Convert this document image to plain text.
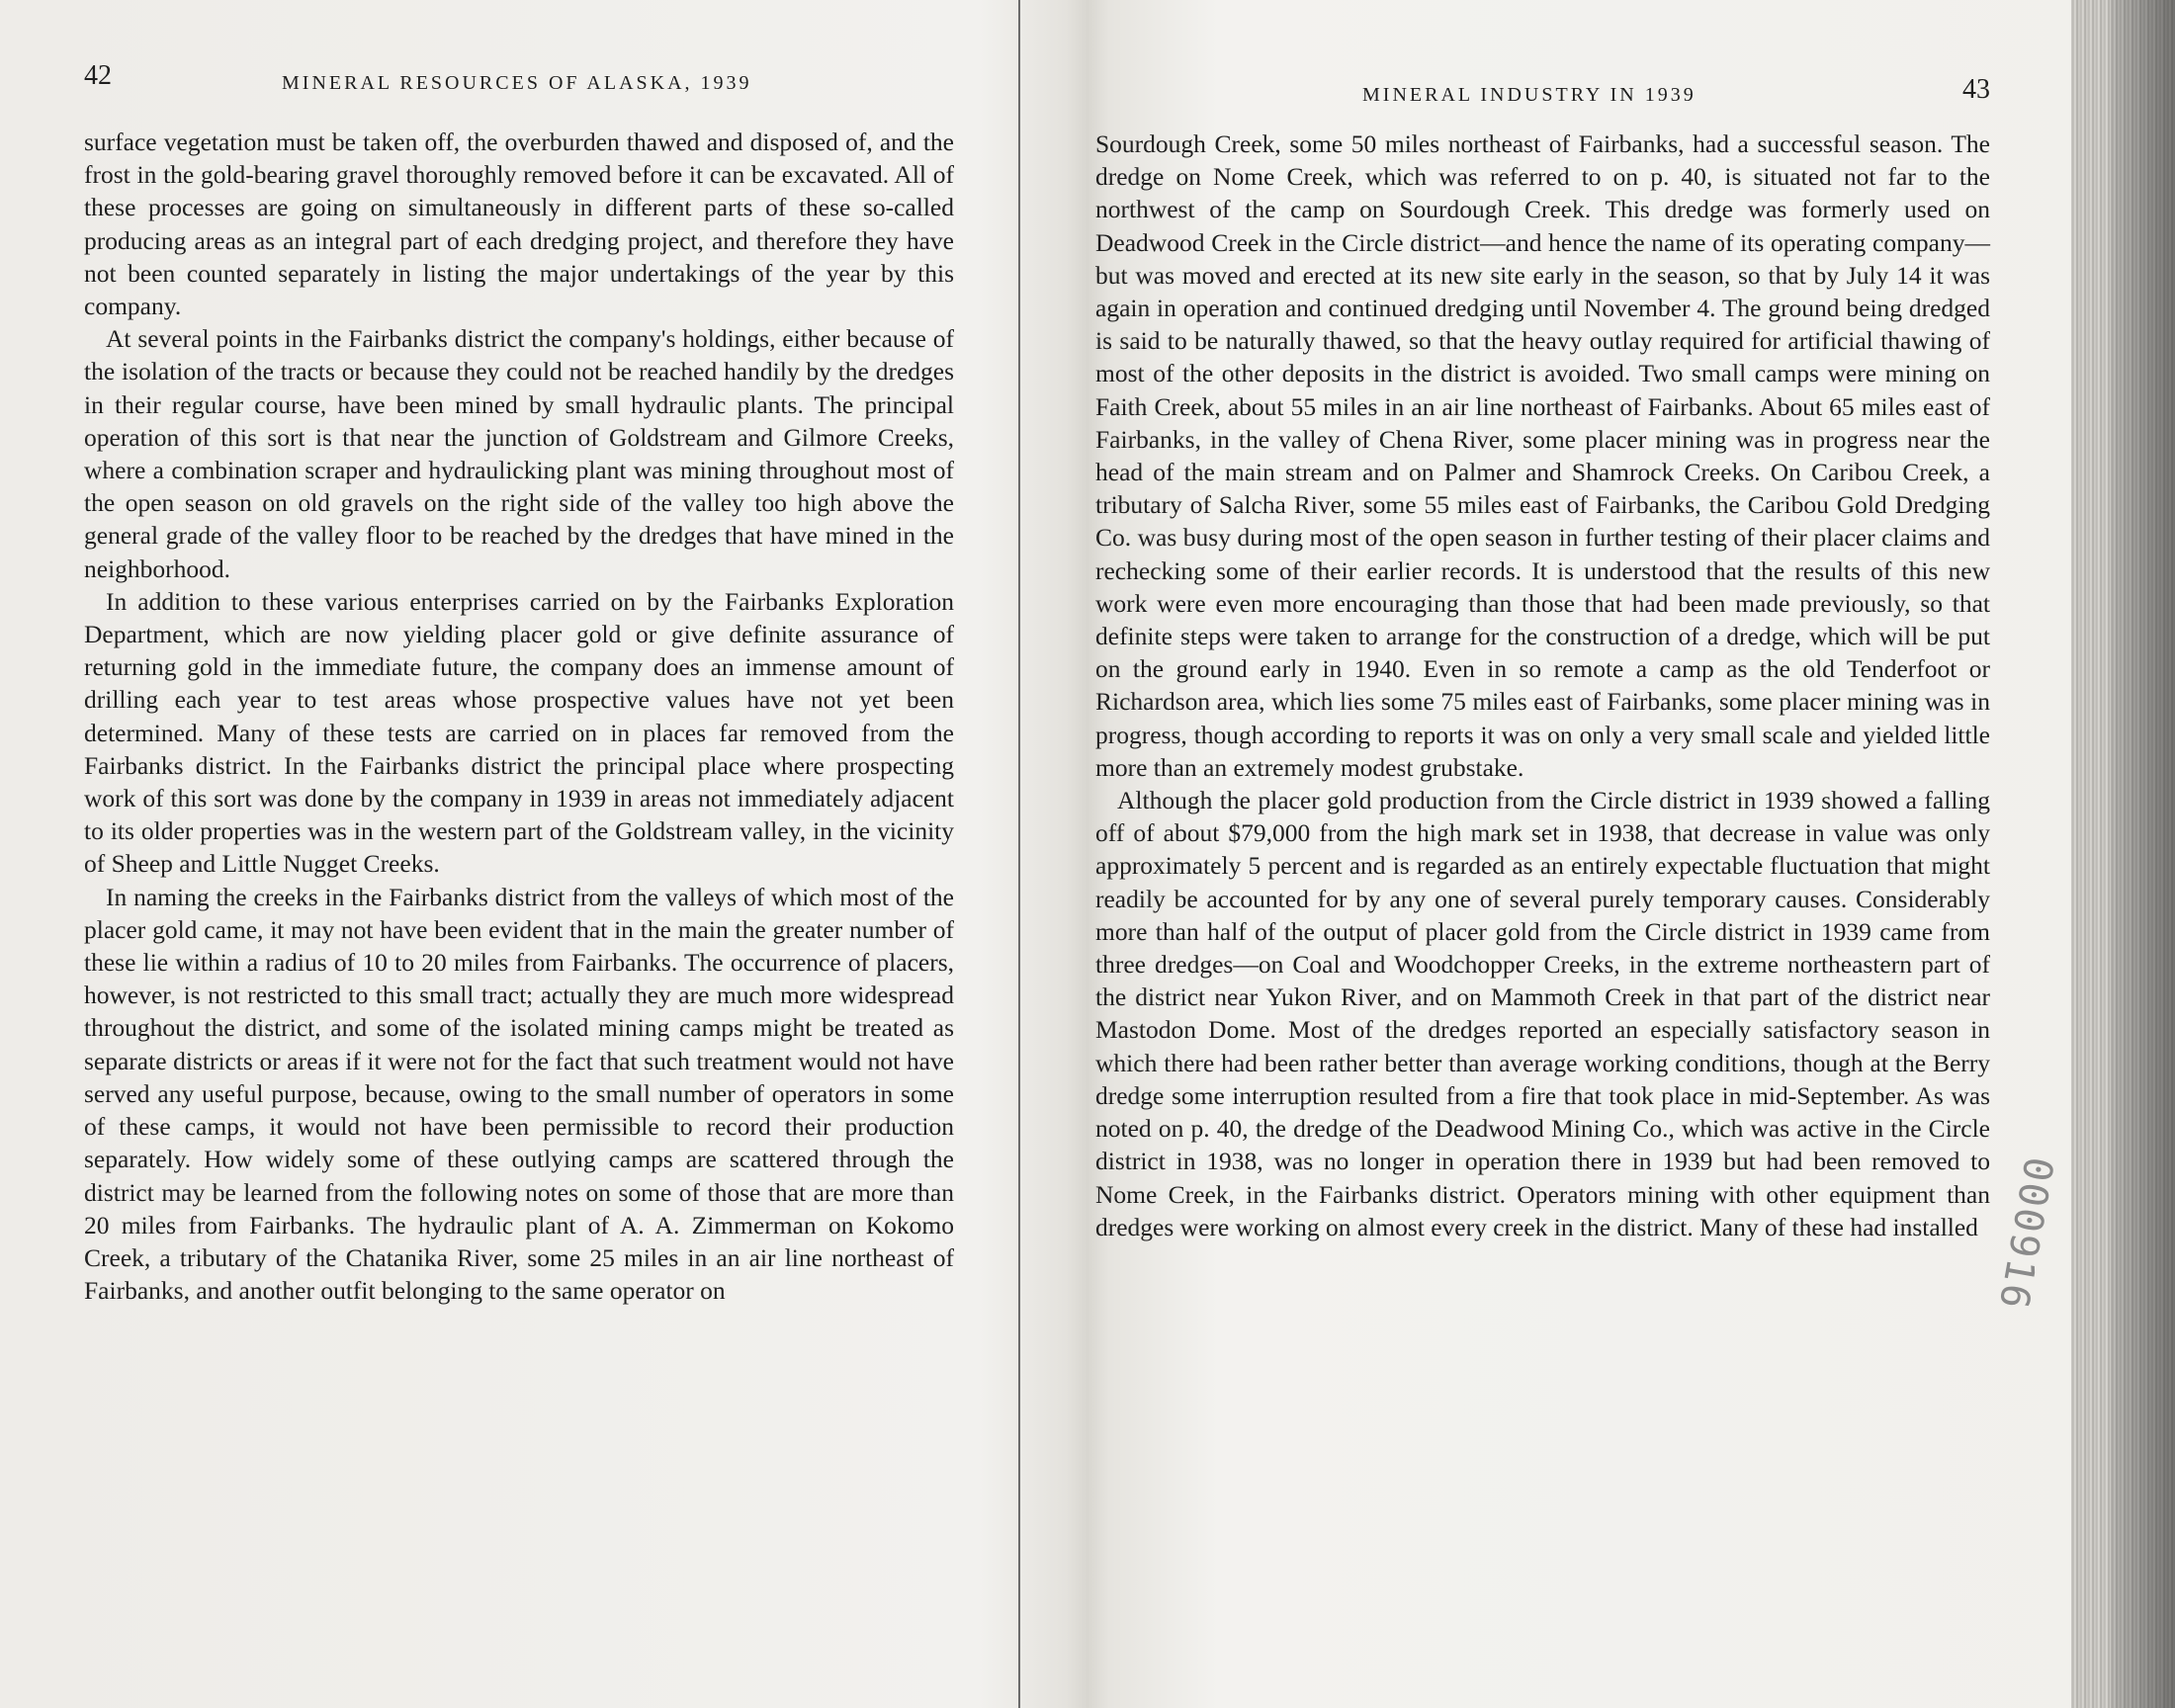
42	MINERAL RESOURCES OF ALASKA, 1939

surface vegetation must be taken off, the overburden thawed and disposed of, and the frost in the gold-bearing gravel thoroughly removed before it can be excavated. All of these processes are going on simultaneously in different parts of these so-called producing areas as an integral part of each dredging project, and therefore they have not been counted separately in listing the major undertakings of the year by this company.

At several points in the Fairbanks district the company's holdings, either because of the isolation of the tracts or because they could not be reached handily by the dredges in their regular course, have been mined by small hydraulic plants. The principal operation of this sort is that near the junction of Goldstream and Gilmore Creeks, where a combination scraper and hydraulicking plant was mining throughout most of the open season on old gravels on the right side of the valley too high above the general grade of the valley floor to be reached by the dredges that have mined in the neighborhood.

In addition to these various enterprises carried on by the Fairbanks Exploration Department, which are now yielding placer gold or give definite assurance of returning gold in the immediate future, the company does an immense amount of drilling each year to test areas whose prospective values have not yet been determined. Many of these tests are carried on in places far removed from the Fairbanks district. In the Fairbanks district the principal place where prospecting work of this sort was done by the company in 1939 in areas not immediately adjacent to its older properties was in the western part of the Goldstream valley, in the vicinity of Sheep and Little Nugget Creeks.

In naming the creeks in the Fairbanks district from the valleys of which most of the placer gold came, it may not have been evident that in the main the greater number of these lie within a radius of 10 to 20 miles from Fairbanks. The occurrence of placers, however, is not restricted to this small tract; actually they are much more widespread throughout the district, and some of the isolated mining camps might be treated as separate districts or areas if it were not for the fact that such treatment would not have served any useful purpose, because, owing to the small number of operators in some of these camps, it would not have been permissible to record their production separately. How widely some of these outlying camps are scattered through the district may be learned from the following notes on some of those that are more than 20 miles from Fairbanks. The hydraulic plant of A. A. Zimmerman on Kokomo Creek, a tributary of the Chatanika River, some 25 miles in an air line northeast of Fairbanks, and another outfit belonging to the same operator on

MINERAL INDUSTRY IN 1939	43

Sourdough Creek, some 50 miles northeast of Fairbanks, had a successful season. The dredge on Nome Creek, which was referred to on p. 40, is situated not far to the northwest of the camp on Sourdough Creek. This dredge was formerly used on Deadwood Creek in the Circle district—and hence the name of its operating company—but was moved and erected at its new site early in the season, so that by July 14 it was again in operation and continued dredging until November 4. The ground being dredged is said to be naturally thawed, so that the heavy outlay required for artificial thawing of most of the other deposits in the district is avoided. Two small camps were mining on Faith Creek, about 55 miles in an air line northeast of Fairbanks. About 65 miles east of Fairbanks, in the valley of Chena River, some placer mining was in progress near the head of the main stream and on Palmer and Shamrock Creeks. On Caribou Creek, a tributary of Salcha River, some 55 miles east of Fairbanks, the Caribou Gold Dredging Co. was busy during most of the open season in further testing of their placer claims and rechecking some of their earlier records. It is understood that the results of this new work were even more encouraging than those that had been made previously, so that definite steps were taken to arrange for the construction of a dredge, which will be put on the ground early in 1940. Even in so remote a camp as the old Tenderfoot or Richardson area, which lies some 75 miles east of Fairbanks, some placer mining was in progress, though according to reports it was on only a very small scale and yielded little more than an extremely modest grubstake.

Although the placer gold production from the Circle district in 1939 showed a falling off of about $79,000 from the high mark set in 1938, that decrease in value was only approximately 5 percent and is regarded as an entirely expectable fluctuation that might readily be accounted for by any one of several purely temporary causes. Considerably more than half of the output of placer gold from the Circle district in 1939 came from three dredges—on Coal and Woodchopper Creeks, in the extreme northeastern part of the district near Yukon River, and on Mammoth Creek in that part of the district near Mastodon Dome. Most of the dredges reported an especially satisfactory season in which there had been rather better than average working conditions, though at the Berry dredge some interruption resulted from a fire that took place in mid-September. As was noted on p. 40, the dredge of the Deadwood Mining Co., which was active in the Circle district in 1938, was no longer in operation there in 1939 but had been removed to Nome Creek, in the Fairbanks district. Operators mining with other equipment than dredges were working on almost every creek in the district. Many of these had installed 000916
